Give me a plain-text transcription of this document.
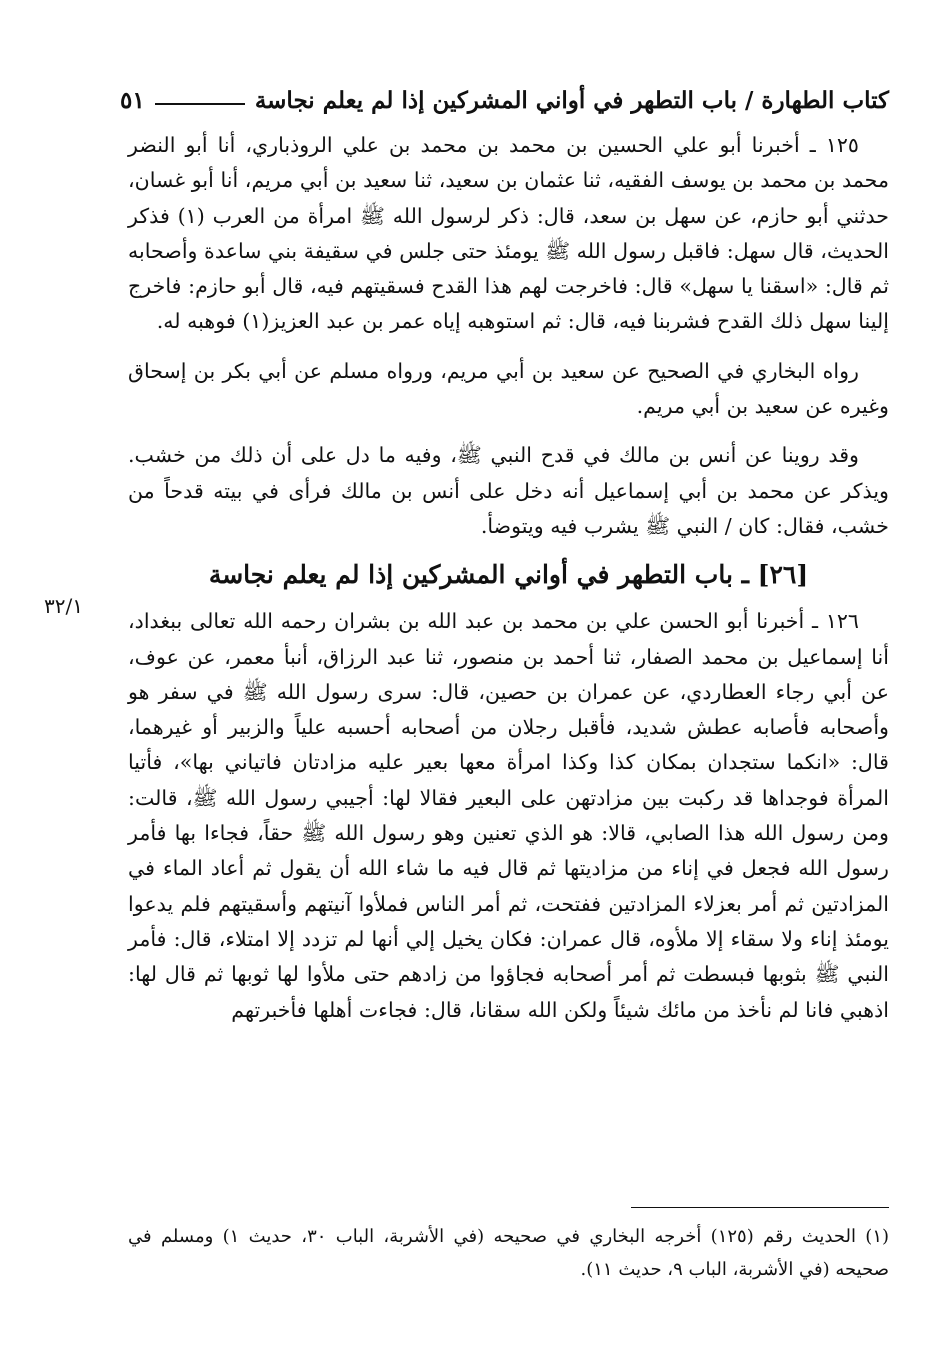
كتاب الطهارة / باب التطهر في أواني المشركين إذا لم يعلم نجاسة
٥١
٣٢/١

١٢٥ ـ أخبرنا أبو علي الحسين بن محمد بن محمد بن علي الروذباري، أنا أبو النضر محمد بن محمد بن يوسف الفقيه، ثنا عثمان بن سعيد، ثنا سعيد بن أبي مريم، أنا أبو غسان، حدثني أبو حازم، عن سهل بن سعد، قال: ذكر لرسول الله ﷺ امرأة من العرب (١) فذكر الحديث، قال سهل: فاقبل رسول الله ﷺ يومئذ حتى جلس في سقيفة بني ساعدة وأصحابه ثم قال: «اسقنا يا سهل» قال: فاخرجت لهم هذا القدح فسقيتهم فيه، قال أبو حازم: فاخرج إلينا سهل ذلك القدح فشربنا فيه، قال: ثم استوهبه إياه عمر بن عبد العزيز(١) فوهبه له.

رواه البخاري في الصحيح عن سعيد بن أبي مريم، ورواه مسلم عن أبي بكر بن إسحاق وغيره عن سعيد بن أبي مريم.

وقد روينا عن أنس بن مالك في قدح النبي ﷺ، وفيه ما دل على أن ذلك من خشب. ويذكر عن محمد بن أبي إسماعيل أنه دخل على أنس بن مالك فرأى في بيته قدحاً من خشب، فقال: كان / النبي ﷺ يشرب فيه ويتوضأ.

[٢٦] ـ باب التطهر في أواني المشركين إذا لم يعلم نجاسة

١٢٦ ـ أخبرنا أبو الحسن علي بن محمد بن عبد الله بن بشران رحمه الله تعالى ببغداد، أنا إسماعيل بن محمد الصفار، ثنا أحمد بن منصور، ثنا عبد الرزاق، أنبأ معمر، عن عوف، عن أبي رجاء العطاردي، عن عمران بن حصين، قال: سرى رسول الله ﷺ في سفر هو وأصحابه فأصابه عطش شديد، فأقبل رجلان من أصحابه أحسبه علياً والزبير أو غيرهما، قال: «انكما ستجدان بمكان كذا وكذا امرأة معها بعير عليه مزادتان فاتياني بها»، فأتيا المرأة فوجداها قد ركبت بين مزادتهن على البعير فقالا لها: أجيبي رسول الله ﷺ، قالت: ومن رسول الله هذا الصابي، قالا: هو الذي تعنين وهو رسول الله ﷺ حقاً، فجاءا بها فأمر رسول الله فجعل في إناء من مزاديتها ثم قال فيه ما شاء الله أن يقول ثم أعاد الماء في المزادتين ثم أمر بعزلاء المزادتين ففتحت، ثم أمر الناس فملأوا آنيتهم وأسقيتهم فلم يدعوا يومئذ إناء ولا سقاء إلا ملأوه، قال عمران: فكان يخيل إلي أنها لم تزدد إلا امتلاء، قال: فأمر النبي ﷺ بثوبها فبسطت ثم أمر أصحابه فجاؤوا من زادهم حتى ملأوا لها ثوبها ثم قال لها: اذهبي فانا لم نأخذ من مائك شيئاً ولكن الله سقانا، قال: فجاءت أهلها فأخبرتهم

(١) الحديث رقم (١٢٥) أخرجه البخاري في صحيحه (في الأشربة، الباب ٣٠، حديث ١) ومسلم في صحيحه (في الأشربة، الباب ٩، حديث ١١).
